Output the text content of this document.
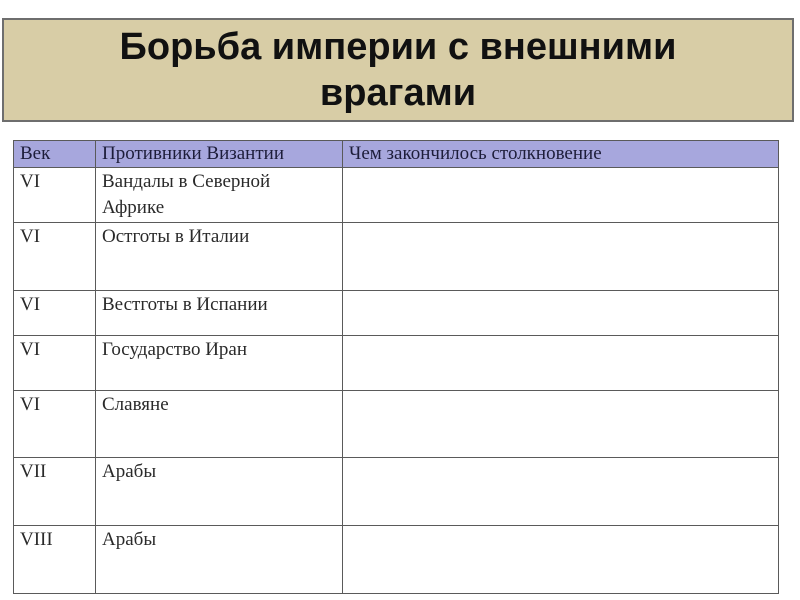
Борьба империи с внешними врагами
Век	Противники Византии	Чем закончилось столкновение
VI	Вандалы в Северной Африке	
VI	Остготы в Италии	
VI	Вестготы в Испании	
VI	Государство Иран	
VI	Славяне	
VII	Арабы	
VIII	Арабы	
